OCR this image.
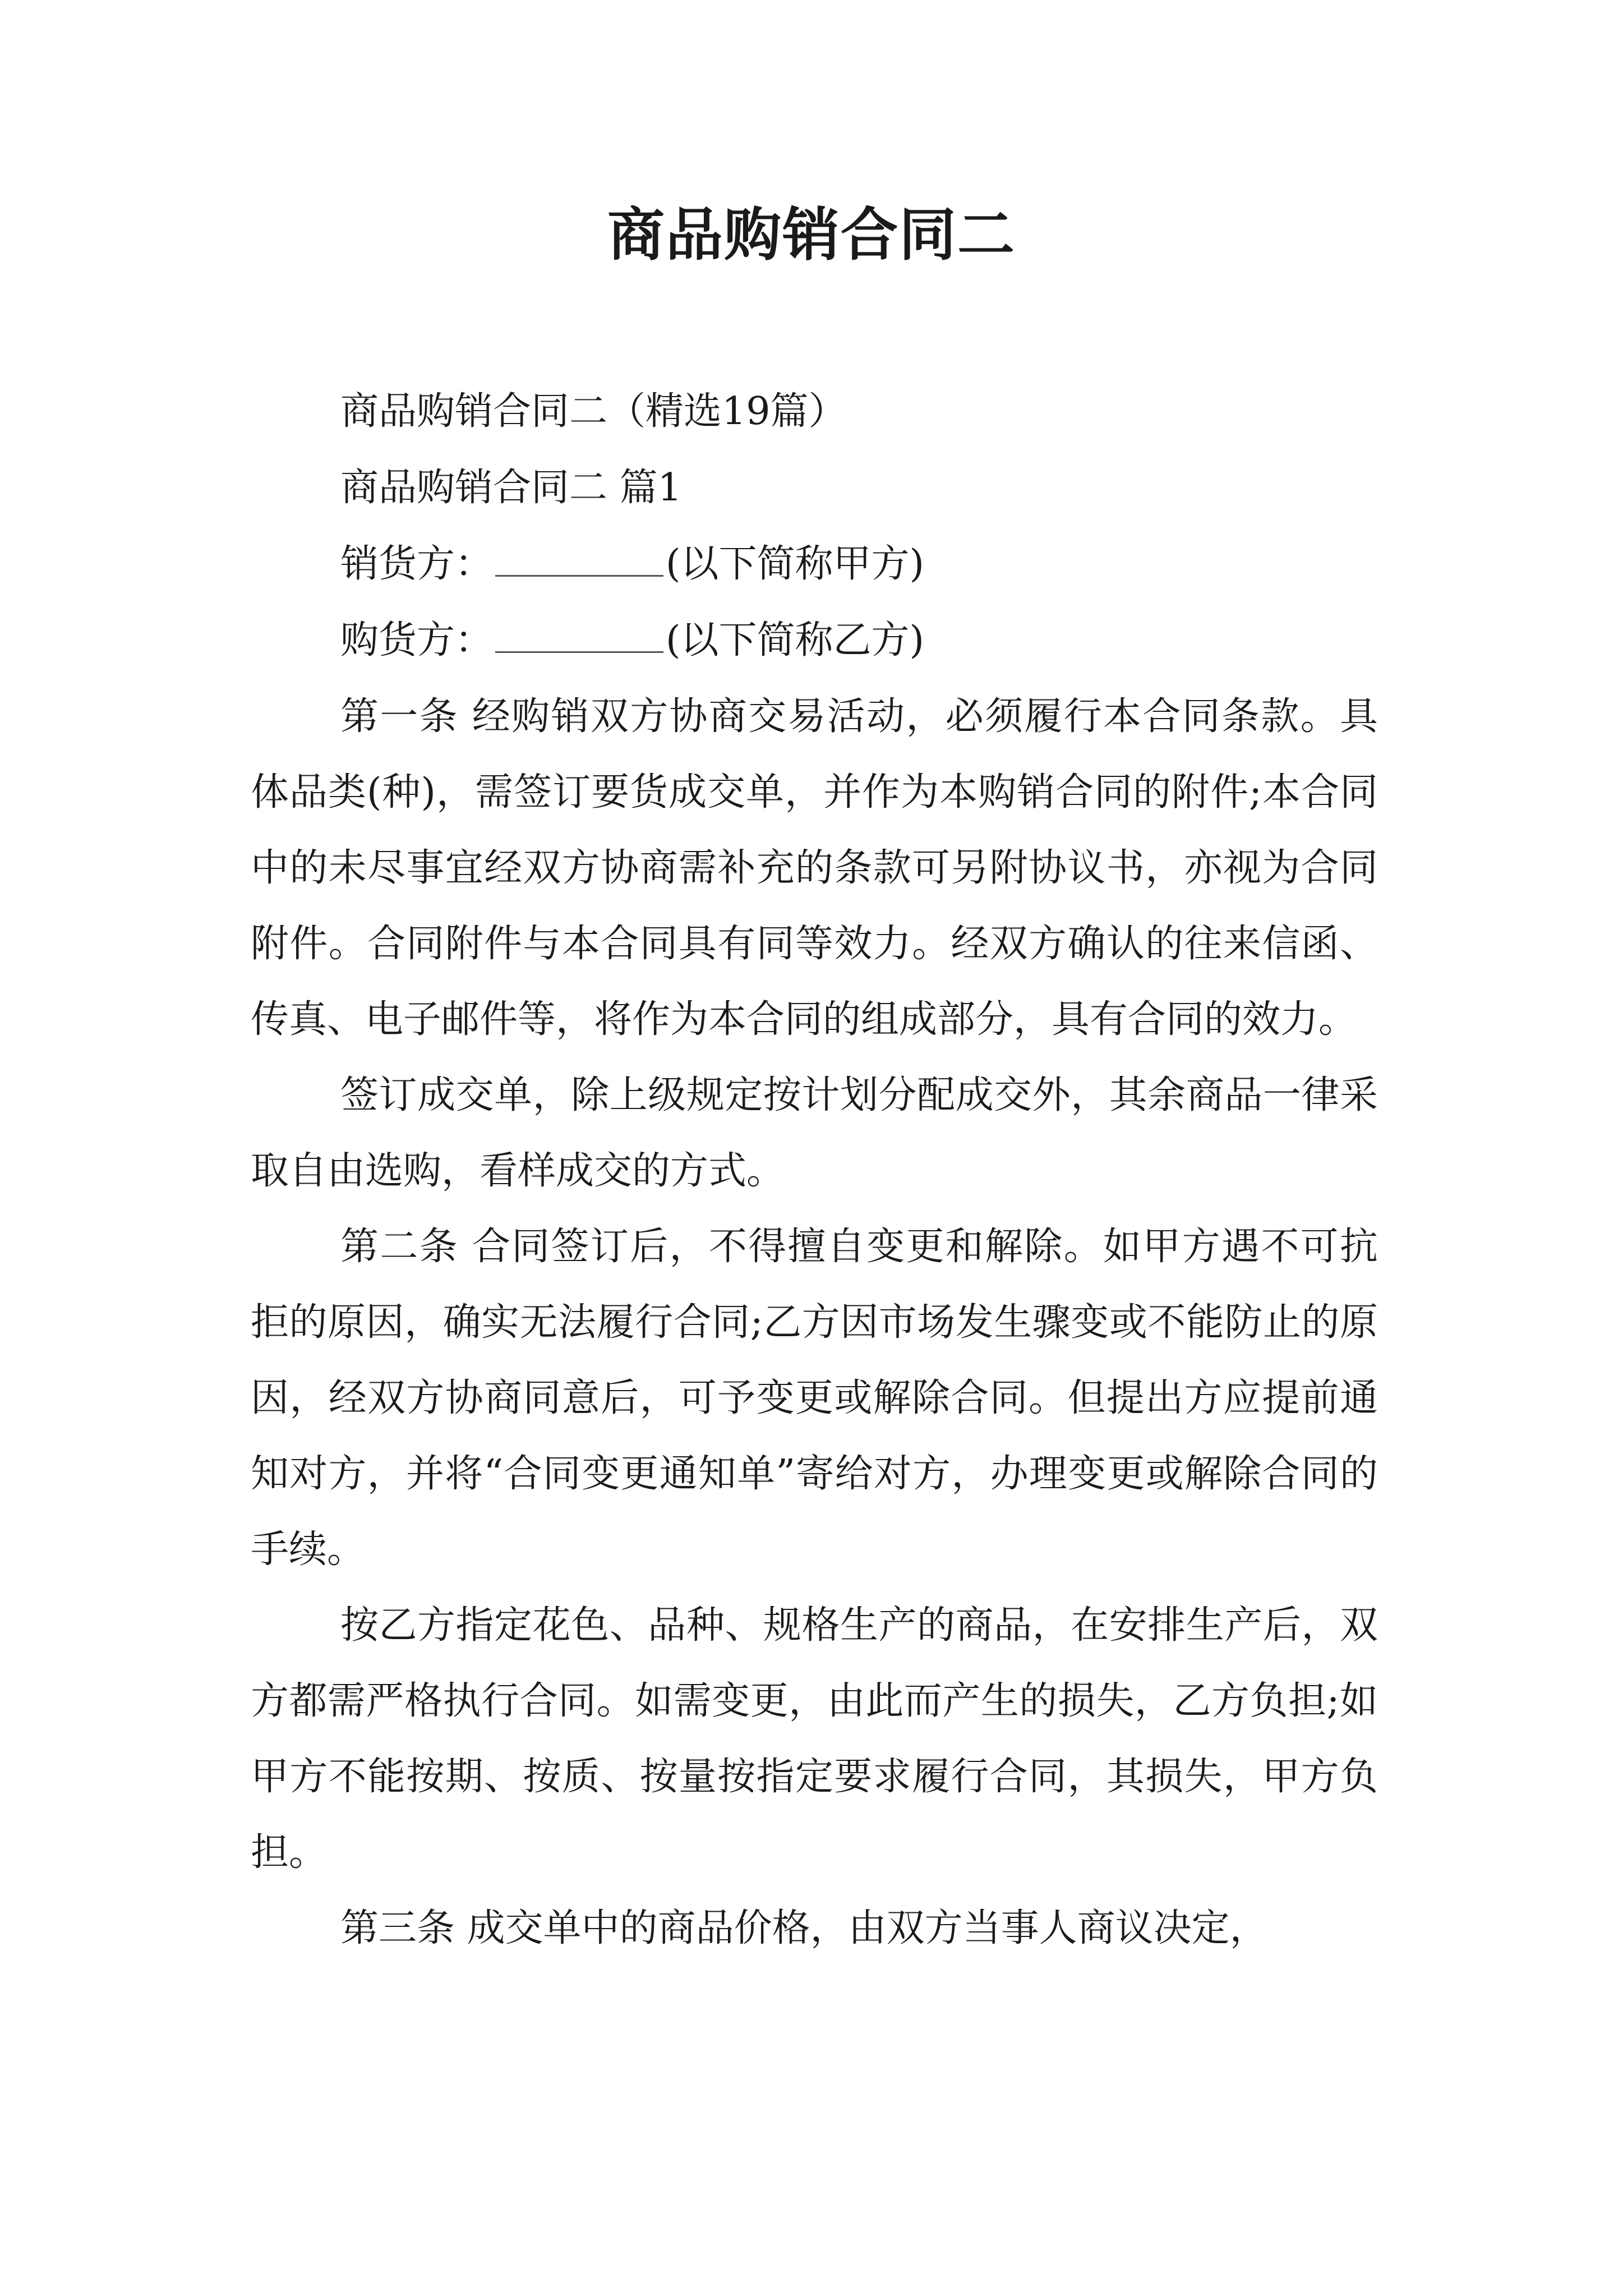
商品购销合同二

商品购销合同二（精选19篇）

商品购销合同二 篇1

销货方：	(以下简称甲方)

购货方：	(以下简称乙方)

第一条 经购销双方协商交易活动，必须履行本合同条款。具体品类(种)，需签订要货成交单，并作为本购销合同的附件;本合同中的未尽事宜经双方协商需补充的条款可另附协议书，亦视为合同附件。合同附件与本合同具有同等效力。经双方确认的往来信函、传真、电子邮件等，将作为本合同的组成部分，具有合同的效力。

签订成交单，除上级规定按计划分配成交外，其余商品一律采取自由选购，看样成交的方式。

第二条 合同签订后，不得擅自变更和解除。如甲方遇不可抗拒的原因，确实无法履行合同;乙方因市场发生骤变或不能防止的原因，经双方协商同意后，可予变更或解除合同。但提出方应提前通知对方，并将“合同变更通知单”寄给对方，办理变更或解除合同的手续。

按乙方指定花色、品种、规格生产的商品，在安排生产后，双方都需严格执行合同。如需变更，由此而产生的损失，乙方负担;如甲方不能按期、按质、按量按指定要求履行合同，其损失，甲方负担。

第三条 成交单中的商品价格，由双方当事人商议决定，
